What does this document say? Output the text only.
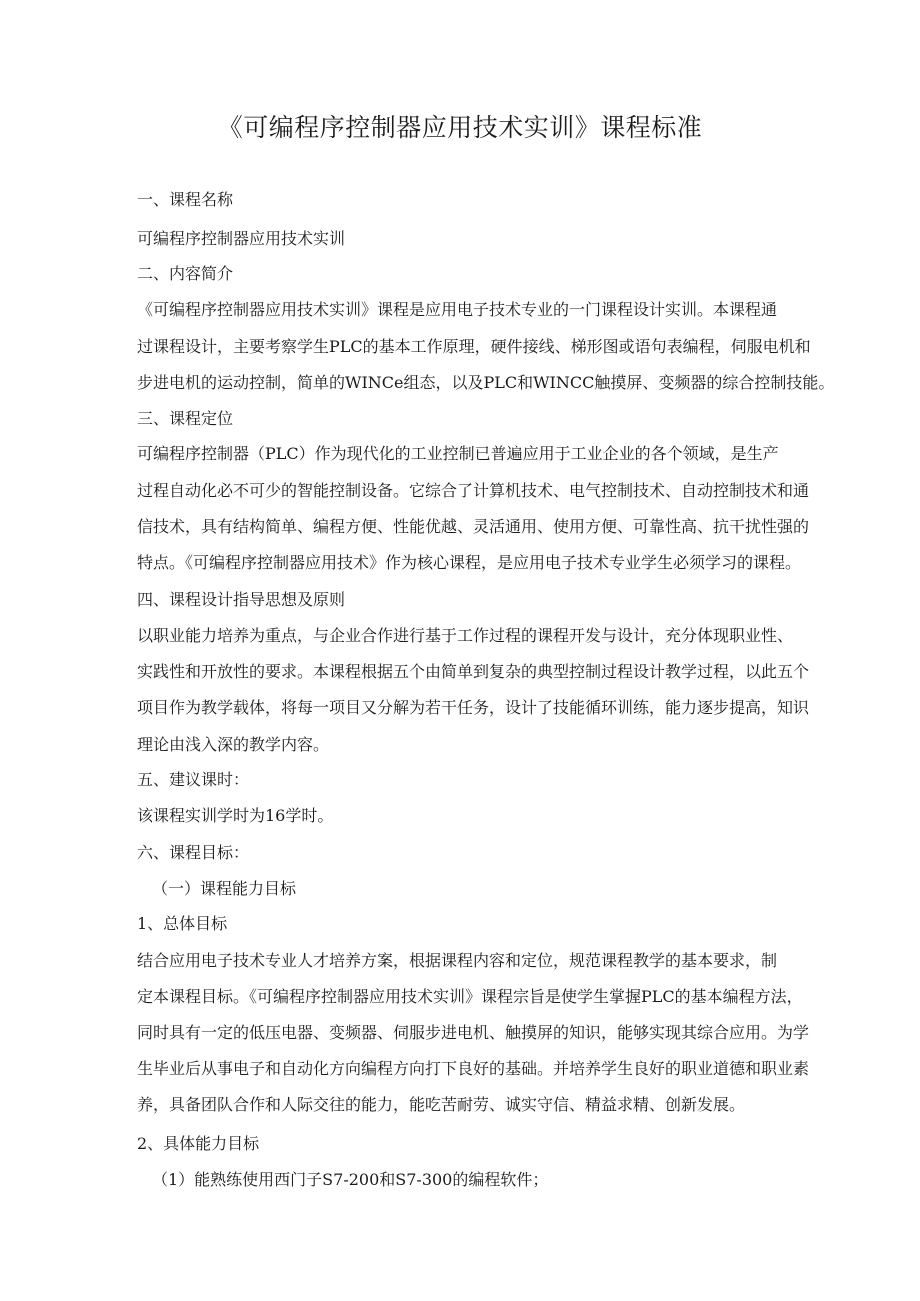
《可编程序控制器应用技术实训》课程标准

一、课程名称

可编程序控制器应用技术实训

二、内容简介

《可编程序控制器应用技术实训》课程是应用电子技术专业的一门课程设计实训。本课程通

过课程设计，主要考察学生PLC的基本工作原理，硬件接线、梯形图或语句表编程，伺服电机和

步进电机的运动控制，简单的WINCe组态，以及PLC和WINCC触摸屏、变频器的综合控制技能。

三、课程定位

可编程序控制器（PLC）作为现代化的工业控制已普遍应用于工业企业的各个领域，是生产

过程自动化必不可少的智能控制设备。它综合了计算机技术、电气控制技术、自动控制技术和通

信技术，具有结构简单、编程方便、性能优越、灵活通用、使用方便、可靠性高、抗干扰性强的

特点。《可编程序控制器应用技术》作为核心课程，是应用电子技术专业学生必须学习的课程。

四、课程设计指导思想及原则

以职业能力培养为重点，与企业合作进行基于工作过程的课程开发与设计，充分体现职业性、

实践性和开放性的要求。本课程根据五个由简单到复杂的典型控制过程设计教学过程，以此五个

项目作为教学载体，将每一项目又分解为若干任务，设计了技能循环训练，能力逐步提高，知识

理论由浅入深的教学内容。

五、建议课时：

该课程实训学时为16学时。

六、课程目标：

（一）课程能力目标

1、总体目标

结合应用电子技术专业人才培养方案，根据课程内容和定位，规范课程教学的基本要求，制

定本课程目标。《可编程序控制器应用技术实训》课程宗旨是使学生掌握PLC的基本编程方法，

同时具有一定的低压电器、变频器、伺服步进电机、触摸屏的知识，能够实现其综合应用。为学

生毕业后从事电子和自动化方向编程方向打下良好的基础。并培养学生良好的职业道德和职业素

养，具备团队合作和人际交往的能力，能吃苦耐劳、诚实守信、精益求精、创新发展。

2、具体能力目标

（1）能熟练使用西门子S7-200和S7-300的编程软件；
